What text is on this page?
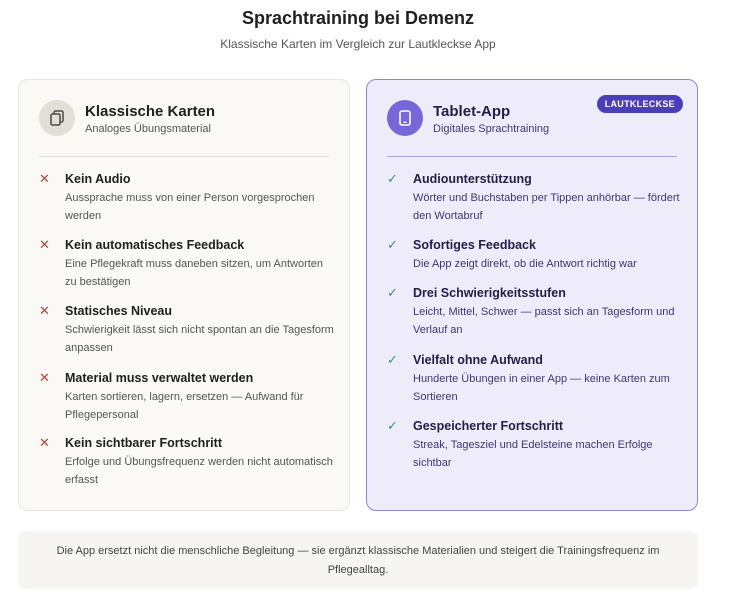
Sprachtraining bei Demenz
Klassische Karten im Vergleich zur Lautkleckse App
Klassische Karten
Analoges Übungsmaterial
✕ Kein Audio
Aussprache muss von einer Person vorgesprochen werden
✕ Kein automatisches Feedback
Eine Pflegekraft muss daneben sitzen, um Antworten zu bestätigen
✕ Statisches Niveau
Schwierigkeit lässt sich nicht spontan an die Tagesform anpassen
✕ Material muss verwaltet werden
Karten sortieren, lagern, ersetzen — Aufwand für Pflegepersonal
✕ Kein sichtbarer Fortschritt
Erfolge und Übungsfrequenz werden nicht automatisch erfasst
Tablet-App
Digitales Sprachtraining
LAUTKLECKSE
✓ Audiounterstützung
Wörter und Buchstaben per Tippen anhörbar — fördert den Wortabruf
✓ Sofortiges Feedback
Die App zeigt direkt, ob die Antwort richtig war
✓ Drei Schwierigkeitsstufen
Leicht, Mittel, Schwer — passt sich an Tagesform und Verlauf an
✓ Vielfalt ohne Aufwand
Hunderte Übungen in einer App — keine Karten zum Sortieren
✓ Gespeicherter Fortschritt
Streak, Tagesziel und Edelsteine machen Erfolge sichtbar
Die App ersetzt nicht die menschliche Begleitung — sie ergänzt klassische Materialien und steigert die Trainingsfrequenz im Pflegealltag.
